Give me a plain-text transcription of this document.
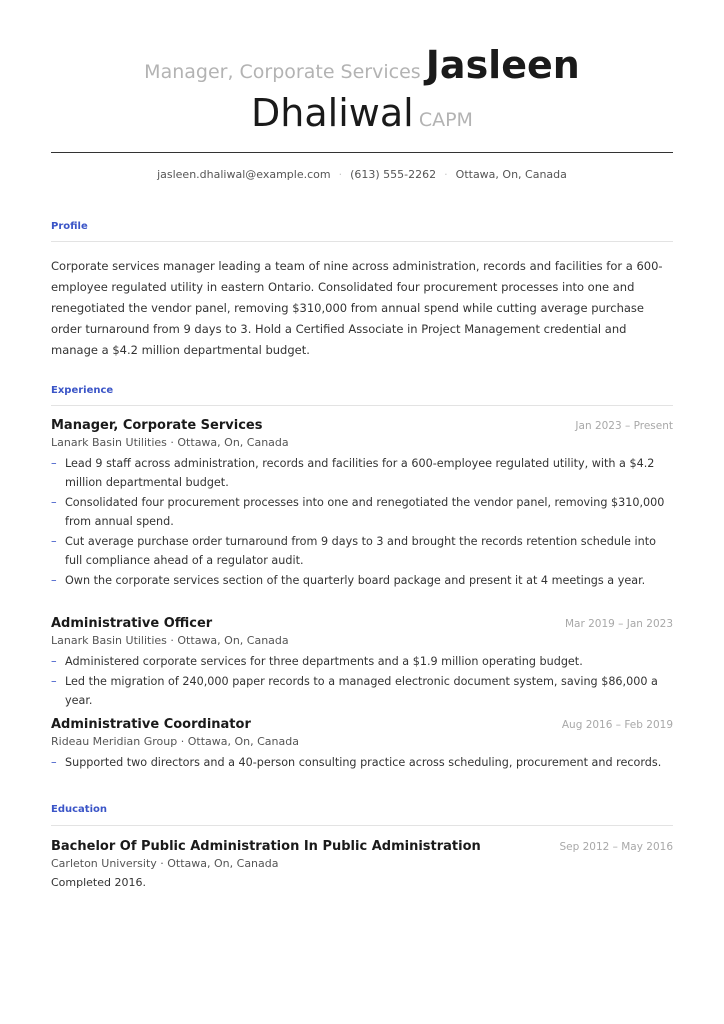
Manager, Corporate Services Jasleen
Dhaliwal CAPM
jasleen.dhaliwal@example.com · (613) 555-2262 · Ottawa, On, Canada
Profile
Corporate services manager leading a team of nine across administration, records and facilities for a 600-employee regulated utility in eastern Ontario. Consolidated four procurement processes into one and renegotiated the vendor panel, removing $310,000 from annual spend while cutting average purchase order turnaround from 9 days to 3. Hold a Certified Associate in Project Management credential and manage a $4.2 million departmental budget.
Experience
Manager, Corporate Services	Jan 2023 – Present
Lanark Basin Utilities · Ottawa, On, Canada
– Lead 9 staff across administration, records and facilities for a 600-employee regulated utility, with a $4.2 million departmental budget.
– Consolidated four procurement processes into one and renegotiated the vendor panel, removing $310,000 from annual spend.
– Cut average purchase order turnaround from 9 days to 3 and brought the records retention schedule into full compliance ahead of a regulator audit.
– Own the corporate services section of the quarterly board package and present it at 4 meetings a year.
Administrative Officer	Mar 2019 – Jan 2023
Lanark Basin Utilities · Ottawa, On, Canada
– Administered corporate services for three departments and a $1.9 million operating budget.
– Led the migration of 240,000 paper records to a managed electronic document system, saving $86,000 a year.
Administrative Coordinator	Aug 2016 – Feb 2019
Rideau Meridian Group · Ottawa, On, Canada
– Supported two directors and a 40-person consulting practice across scheduling, procurement and records.
Education
Bachelor Of Public Administration In Public Administration	Sep 2012 – May 2016
Carleton University · Ottawa, On, Canada
Completed 2016.
